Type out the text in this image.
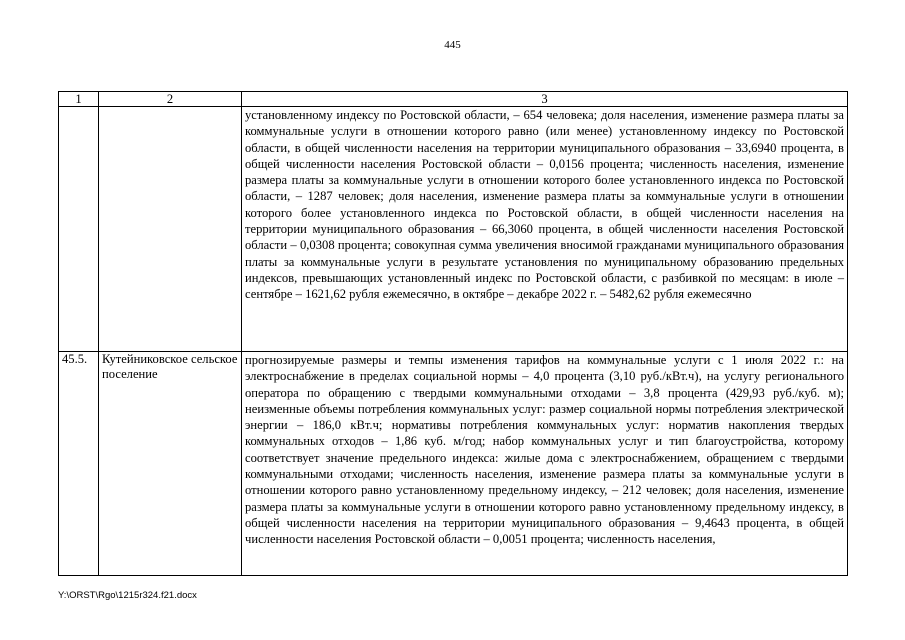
445
1	2	3
		установленному индексу по Ростовской области, – 654 человека; доля населения, изменение размера платы за коммунальные услуги в отношении которого равно (или менее) установленному индексу по Ростовской области, в общей численности населения на территории муниципального образования – 33,6940 процента, в общей численности населения Ростовской области – 0,0156 процента; численность населения, изменение размера платы за коммунальные услуги в отношении которого более установленного индекса по Ростовской области, – 1287 человек; доля населения, изменение размера платы за коммунальные услуги в отношении которого более установленного индекса по Ростовской области, в общей численности населения на территории муниципального образования – 66,3060 процента, в общей численности населения Ростовской области – 0,0308 процента; совокупная сумма увеличения вносимой гражданами муниципального образования платы за коммунальные услуги в результате установления по муниципальному образованию предельных индексов, превышающих установленный индекс по Ростовской области, с разбивкой по месяцам: в июле – сентябре – 1621,62 рубля ежемесячно, в октябре – декабре 2022 г. – 5482,62 рубля ежемесячно
45.5.	Кутейниковское сельское поселение	прогнозируемые размеры и темпы изменения тарифов на коммунальные услуги с 1 июля 2022 г.: на электроснабжение в пределах социальной нормы – 4,0 процента (3,10 руб./кВт.ч), на услугу регионального оператора по обращению с твердыми коммунальными отходами – 3,8 процента (429,93 руб./куб. м); неизменные объемы потребления коммунальных услуг: размер социальной нормы потребления электрической энергии – 186,0 кВт.ч; нормативы потребления коммунальных услуг: норматив накопления твердых коммунальных отходов – 1,86 куб. м/год; набор коммунальных услуг и тип благоустройства, которому соответствует значение предельного индекса: жилые дома с электроснабжением, обращением с твердыми коммунальными отходами; численность населения, изменение размера платы за коммунальные услуги в отношении которого равно установленному предельному индексу, – 212 человек; доля населения, изменение размера платы за коммунальные услуги в отношении которого равно установленному предельному индексу, в общей численности населения на территории муниципального образования – 9,4643 процента, в общей численности населения Ростовской области – 0,0051 процента; численность населения,
Y:\ORST\Rgo\1215r324.f21.docx
